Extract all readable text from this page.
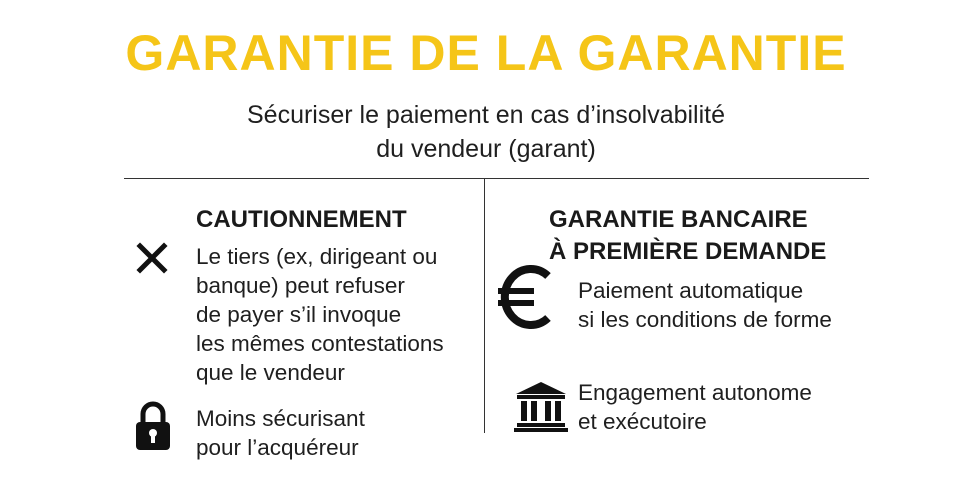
GARANTIE DE LA GARANTIE
Sécuriser le paiement en cas d’insolvabilité
du vendeur (garant)
CAUTIONNEMENT
Le tiers (ex, dirigeant ou
banque) peut refuser
de payer s’il invoque
les mêmes contestations
que le vendeur
Moins sécurisant
pour l’acquéreur
GARANTIE BANCAIRE
À PREMIÈRE DEMANDE
Paiement automatique
si les conditions de forme
Engagement autonome
et exécutoire
